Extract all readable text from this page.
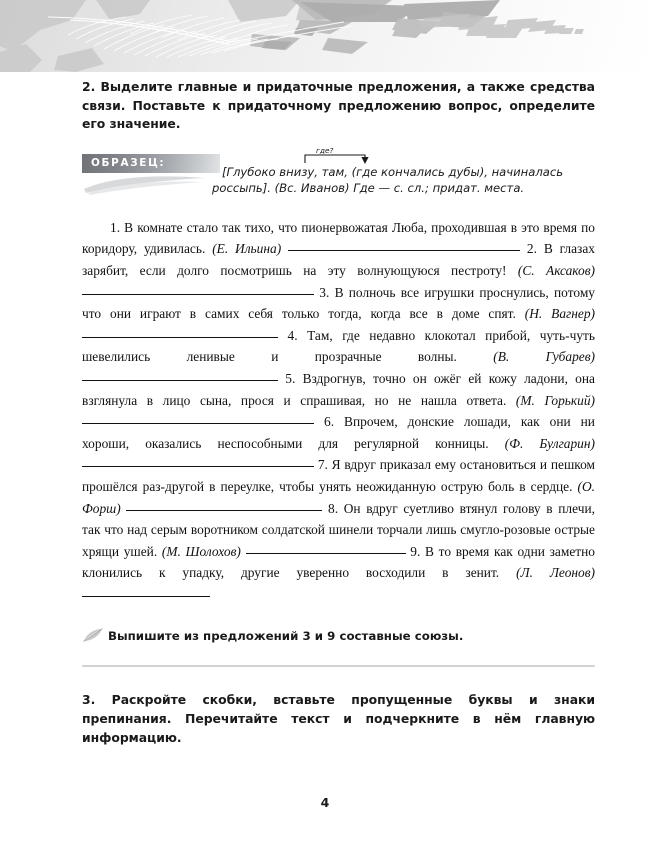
2. Выделите главные и придаточные предложения, а также средства связи. Поставьте к придаточному предложению вопрос, определите его значение.

ОБРАЗЕЦ:
где?
[Глубоко внизу, там, (где кончались дубы), начиналась
россыпь]. (Вс. Иванов) Где — с. сл.; придат. места.
1. В комнате стало так тихо, что пионервожатая Люба, проходившая в это время по коридору, удивилась. (Е. Ильина)	2. В глазах зарябит, если долго посмотришь на эту волнующуюся пестроту! (С. Аксаков)  3. В полночь все игрушки проснулись, потому что они играют в самих себя только тогда, когда все в доме спят. (Н. Вагнер)  4. Там, где недавно клокотал прибой, чуть-чуть шевелились ленивые и прозрачные волны.	(В. Губарев)  5. Вздрогнув, точно он ожёг ей кожу ладони, она взглянула в лицо сына, прося и спрашивая, но не нашла ответа. (М. Горький)  6. Впрочем, донские лошади, как они ни хороши, оказались неспособными для регулярной конницы. (Ф. Булгарин)  7. Я вдруг приказал ему остановиться и пешком прошёлся раз-другой в переулке, чтобы унять неожиданную острую боль в сердце. (О. Форш)	8. Он вдруг суетливо втянул голову в плечи, так что над серым воротником солдатской шинели торчали лишь смугло-розовые острые хрящи ушей. (М. Шолохов)	9. В то время как одни заметно клонились к упадку, другие уверенно восходили в зенит. (Л. Леонов)
Выпишите из предложений 3 и 9 составные союзы.

3. Раскройте скобки, вставьте пропущенные буквы и знаки препинания. Перечитайте текст и подчеркните в нём главную информацию.

4
